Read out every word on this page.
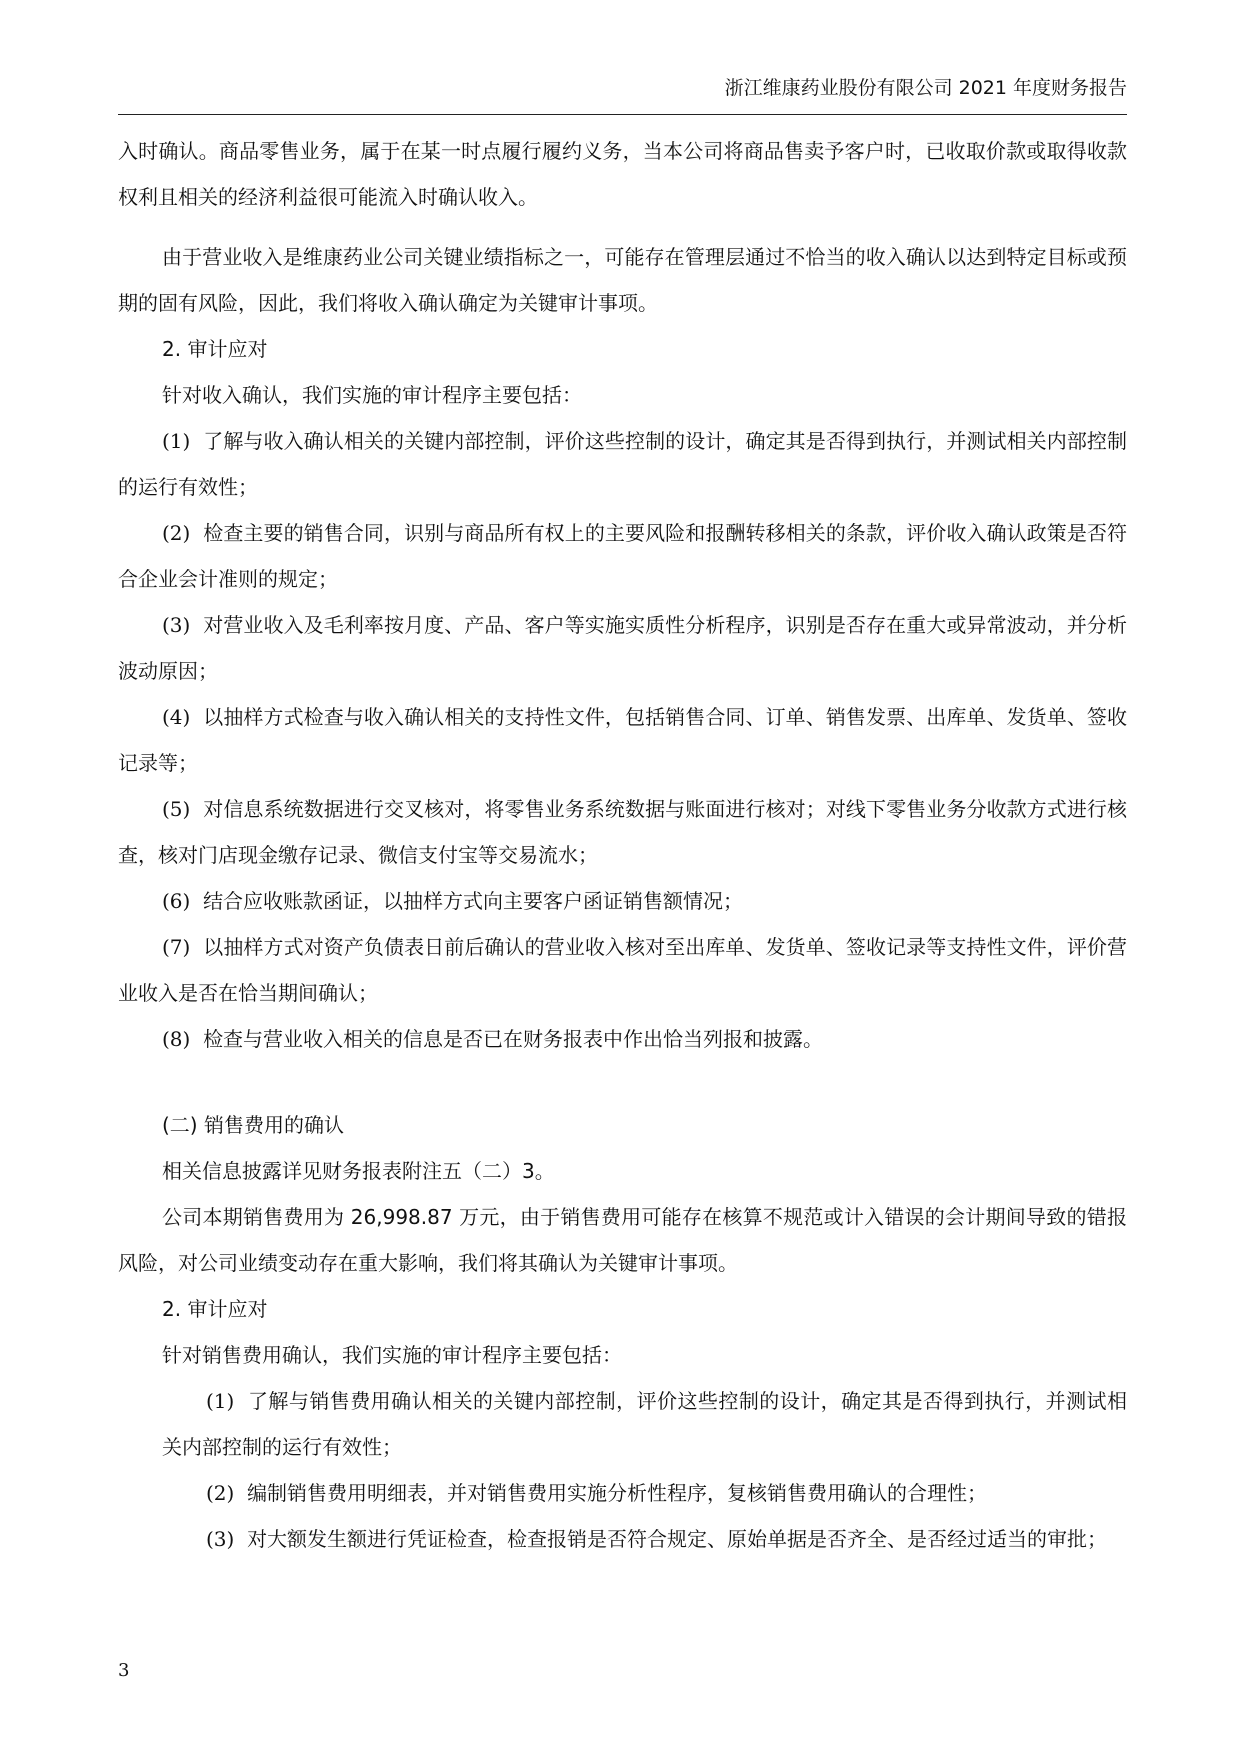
浙江维康药业股份有限公司 2021 年度财务报告

入时确认。商品零售业务，属于在某一时点履行履约义务，当本公司将商品售卖予客户时，已收取价款或取得收款权利且相关的经济利益很可能流入时确认收入。

由于营业收入是维康药业公司关键业绩指标之一，可能存在管理层通过不恰当的收入确认以达到特定目标或预期的固有风险，因此，我们将收入确认确定为关键审计事项。

2. 审计应对

针对收入确认，我们实施的审计程序主要包括：

(1) 了解与收入确认相关的关键内部控制，评价这些控制的设计，确定其是否得到执行，并测试相关内部控制的运行有效性；

(2) 检查主要的销售合同，识别与商品所有权上的主要风险和报酬转移相关的条款，评价收入确认政策是否符合企业会计准则的规定；

(3) 对营业收入及毛利率按月度、产品、客户等实施实质性分析程序，识别是否存在重大或异常波动，并分析波动原因；

(4) 以抽样方式检查与收入确认相关的支持性文件，包括销售合同、订单、销售发票、出库单、发货单、签收记录等；

(5) 对信息系统数据进行交叉核对，将零售业务系统数据与账面进行核对；对线下零售业务分收款方式进行核查，核对门店现金缴存记录、微信支付宝等交易流水；

(6) 结合应收账款函证，以抽样方式向主要客户函证销售额情况；

(7) 以抽样方式对资产负债表日前后确认的营业收入核对至出库单、发货单、签收记录等支持性文件，评价营业收入是否在恰当期间确认；

(8) 检查与营业收入相关的信息是否已在财务报表中作出恰当列报和披露。

(二) 销售费用的确认

相关信息披露详见财务报表附注五（二）3。

公司本期销售费用为 26,998.87 万元，由于销售费用可能存在核算不规范或计入错误的会计期间导致的错报风险，对公司业绩变动存在重大影响，我们将其确认为关键审计事项。

2. 审计应对

针对销售费用确认，我们实施的审计程序主要包括：

(1) 了解与销售费用确认相关的关键内部控制，评价这些控制的设计，确定其是否得到执行，并测试相关内部控制的运行有效性；

(2) 编制销售费用明细表，并对销售费用实施分析性程序，复核销售费用确认的合理性；

(3) 对大额发生额进行凭证检查，检查报销是否符合规定、原始单据是否齐全、是否经过适当的审批；

3
